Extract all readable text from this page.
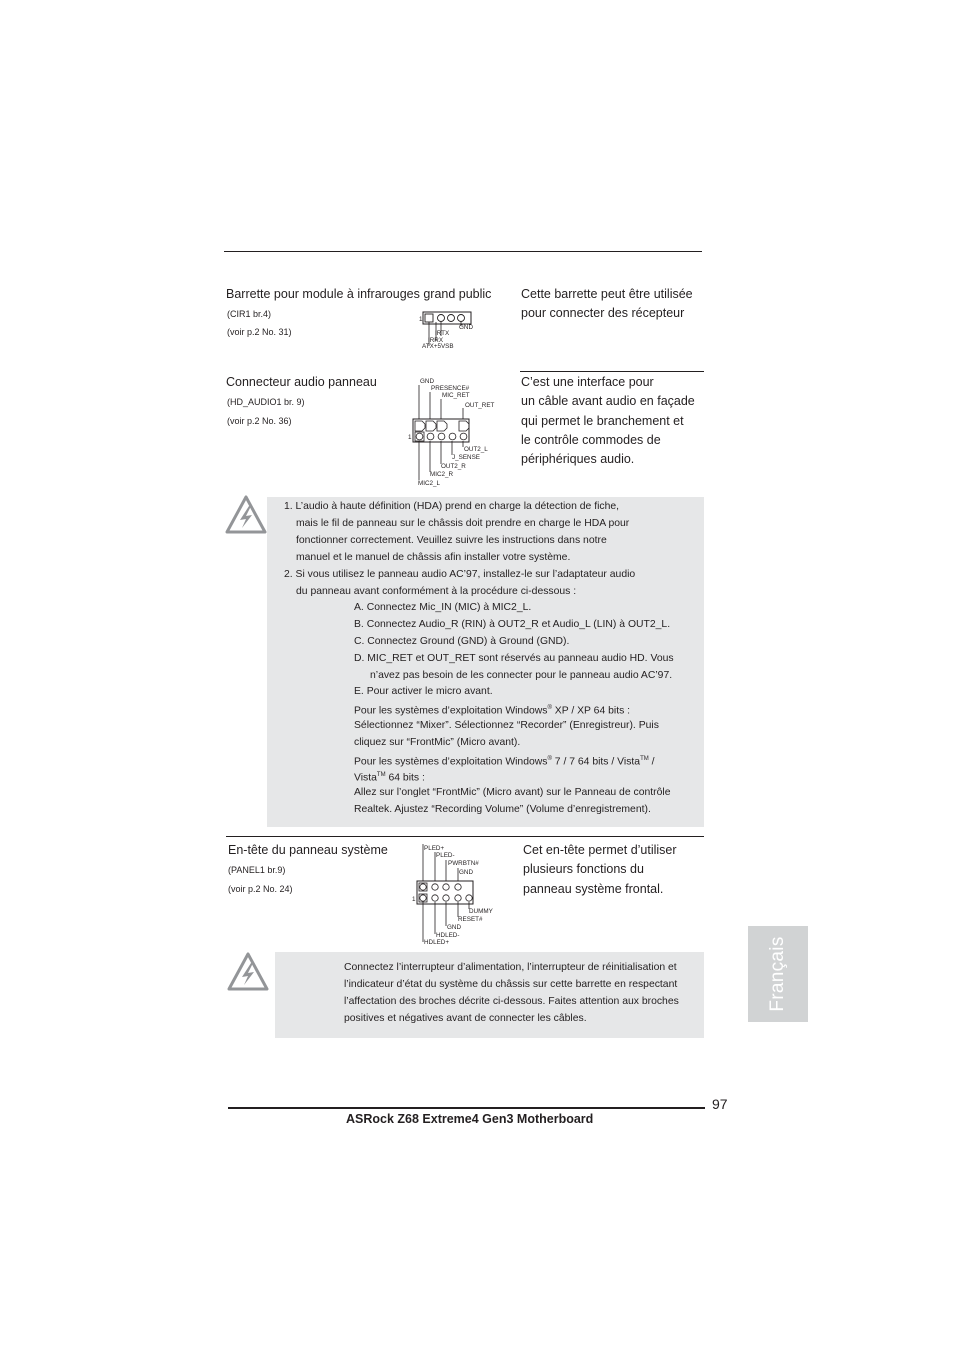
Barrette pour module à infrarouges grand public
(CIR1 br.4)
(voir p.2 No. 31)
Cette barrette peut être utilisée
pour connecter des récepteur
1
GND
IRTX
IRRX
ATX+5VSB
Connecteur audio panneau
(HD_AUDIO1 br. 9)
(voir p.2 No. 36)
C’est une interface pour
un câble avant audio en façade
qui permet le branchement et
le contrôle commodes de
périphériques audio.
GND
PRESENCE#
MIC_RET
OUT_RET
1
OUT2_L
J_SENSE
OUT2_R
MIC2_R
MIC2_L
1. L’audio à haute définition (HDA) prend en charge la détection de fiche,
mais le fil de panneau sur le châssis doit prendre en charge le HDA pour
fonctionner correctement. Veuillez suivre les instructions dans notre
manuel et le manuel de châssis afin installer votre système.
2. Si vous utilisez le panneau audio AC’97, installez-le sur l’adaptateur audio
du panneau avant conformément à la procédure ci-dessous :
A. Connectez Mic_IN (MIC) à MIC2_L.
B. Connectez Audio_R (RIN) à OUT2_R et Audio_L (LIN) à OUT2_L.
C. Connectez Ground (GND) à Ground (GND).
D. MIC_RET et OUT_RET sont réservés au panneau audio HD. Vous
n’avez pas besoin de les connecter pour le panneau audio AC’97.
E. Pour activer le micro avant.
Pour les systèmes d’exploitation Windows® XP / XP 64 bits :
Sélectionnez “Mixer”. Sélectionnez “Recorder” (Enregistreur). Puis
cliquez sur “FrontMic” (Micro avant).
Pour les systèmes d’exploitation Windows® 7 / 7 64 bits / Vista™ /
Vista™ 64 bits :
Allez sur l’onglet “FrontMic” (Micro avant) sur le Panneau de contrôle
Realtek. Ajustez “Recording Volume” (Volume d’enregistrement).
En-tête du panneau système
(PANEL1 br.9)
(voir p.2 No. 24)
Cet en-tête permet d’utiliser
plusieurs fonctions du
panneau système frontal.
PLED+
PLED-
PWRBTN#
GND
1
DUMMY
RESET#
GND
HDLED-
HDLED+
Connectez l’interrupteur d’alimentation, l’interrupteur de réinitialisation et
l’indicateur d’état du système du châssis sur cette barrette en respectant
l’affectation des broches décrite ci-dessous. Faites attention aux broches
positives et négatives avant de connecter les câbles.
Français
97
ASRock Z68 Extreme4 Gen3 Motherboard
